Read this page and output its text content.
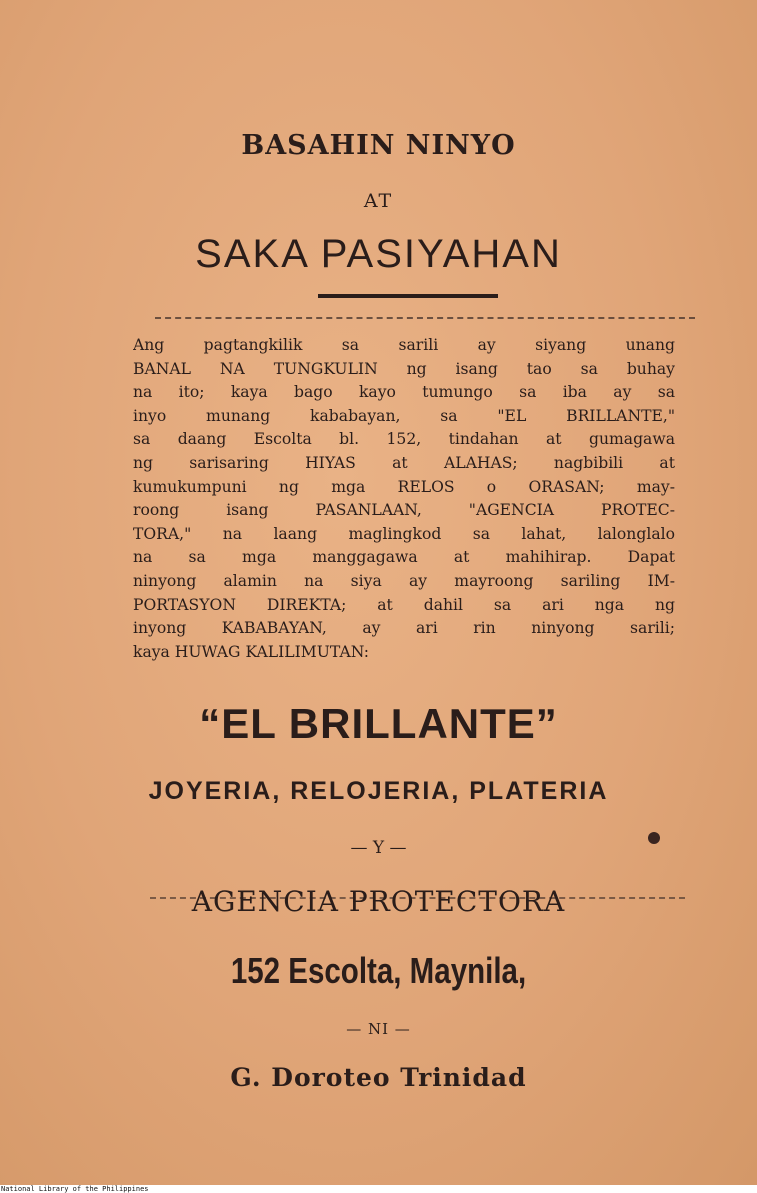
BASAHIN NINYO
AT
SAKA PASIYAHAN
Ang pagtangkilik sa sarili ay siyang unang
BANAL NA TUNGKULIN ng isang tao sa buhay
na ito; kaya bago kayo tumungo sa iba ay sa
inyo munang kababayan, sa "EL BRILLANTE,"
sa daang Escolta bl. 152, tindahan at gumagawa
ng sarisaring HIYAS at ALAHAS; nagbibili at
kumukumpuni ng mga RELOS o ORASAN; may-
roong isang PASANLAAN, "AGENCIA PROTEC-
TORA," na laang maglingkod sa lahat, lalonglalo
na sa mga manggagawa at mahihirap. Dapat
ninyong alamin na siya ay mayroong sariling IM-
PORTASYON DIREKTA; at dahil sa ari nga ng
inyong KABABAYAN, ay ari rin ninyong sarili;
kaya HUWAG KALILIMUTAN:
“EL BRILLANTE”
JOYERIA, RELOJERIA, PLATERIA
— Y —
AGENCIA PROTECTORA
152 Escolta, Maynila,
— NI —
G. Doroteo Trinidad
National Library of the Philippines
